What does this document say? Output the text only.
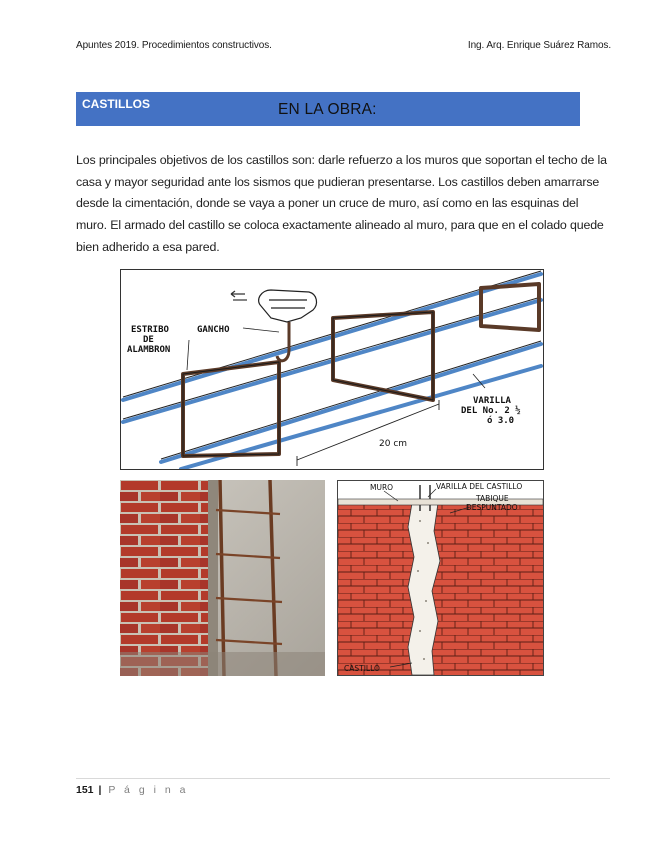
Apuntes 2019. Procedimientos constructivos.	Ing. Arq. Enrique Suárez Ramos.
CASTILLOS	EN LA OBRA:

Los principales objetivos de los castillos son: darle refuerzo a los muros que soportan el techo de la casa y mayor seguridad ante los sismos que pudieran presentarse. Los castillos deben amarrarse desde la cimentación, donde se vaya a poner un cruce de muro, así como en las esquinas del muro. El armado del castillo se coloca exactamente alineado al muro, para que en el colado quede bien adherido a esa pared.

ESTRIBO
DE
ALAMBRON
GANCHO
VARILLA
DEL No. 2 ½
ó 3.0
20 cm
MURO	VARILLA DEL CASTILLO
TABIQUE
DESPUNTADO
CASTILLO
151 | P á g i n a
